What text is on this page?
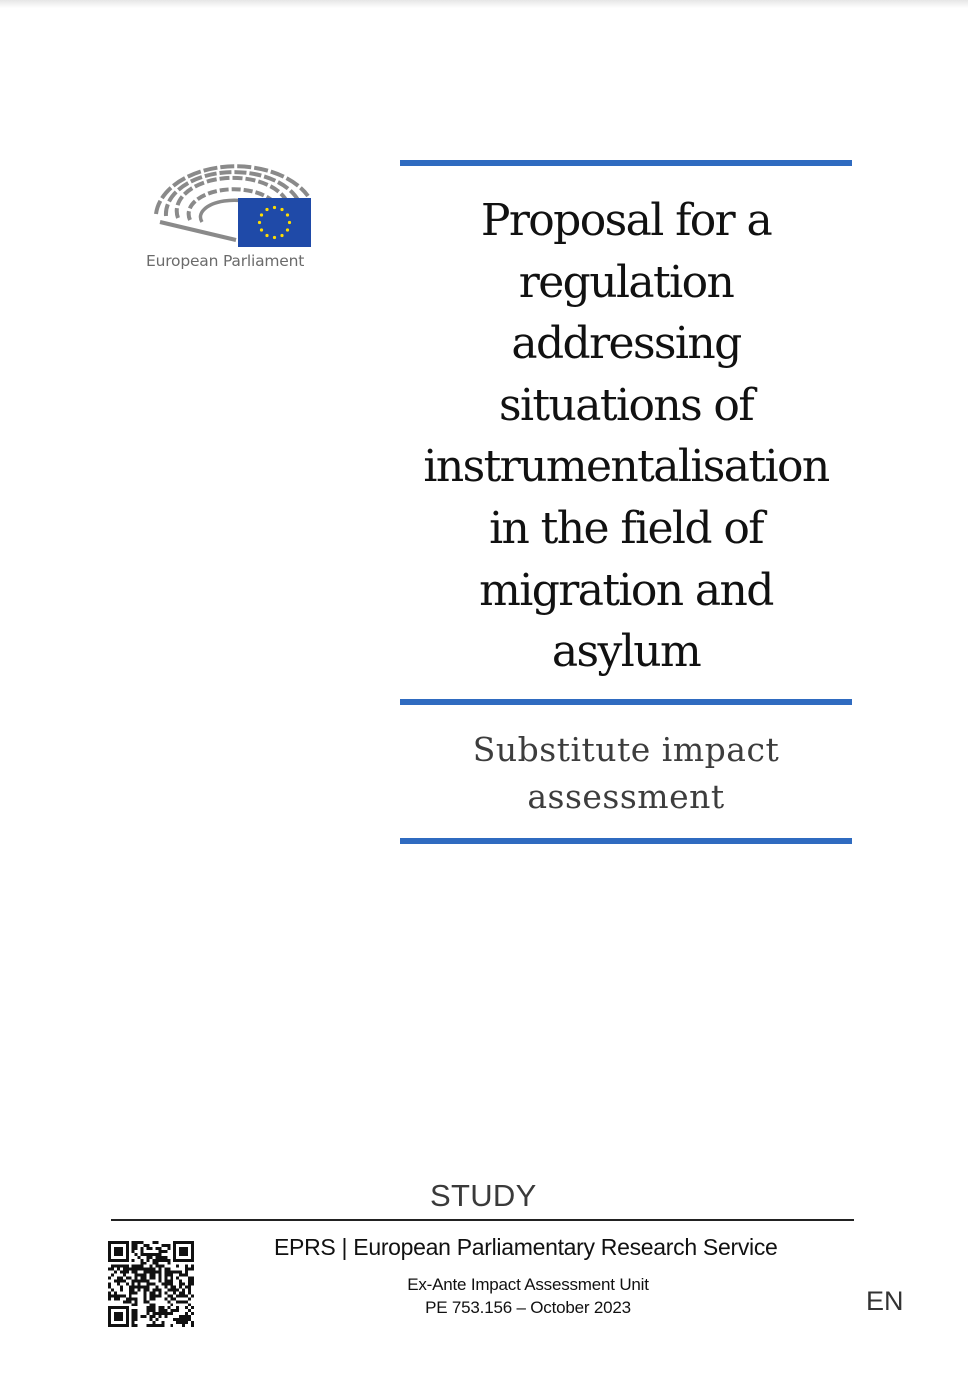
European Parliament
Proposal for a
regulation
addressing
situations of
instrumentalisation
in the field of
migration and
asylum
Substitute impact
assessment
STUDY
EPRS | European Parliamentary Research Service
Ex-Ante Impact Assessment Unit
PE 753.156 – October 2023	EN
